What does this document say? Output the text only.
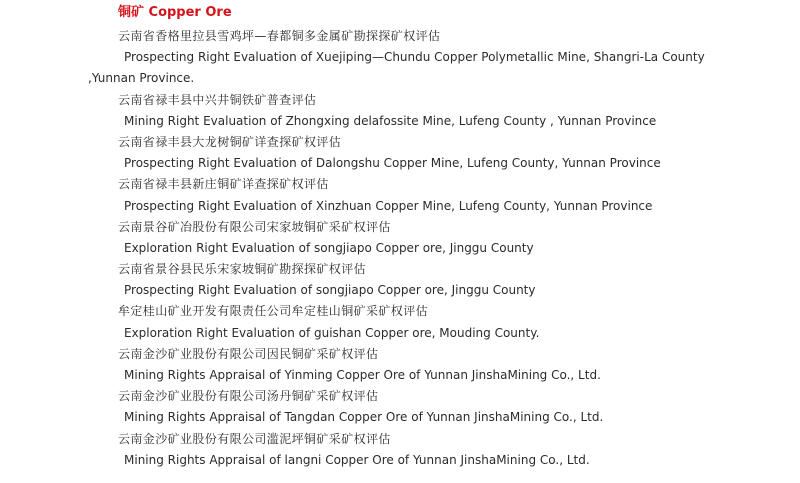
铜矿 Copper Ore
云南省香格里拉县雪鸡坪—春都铜多金属矿勘探探矿权评估
Prospecting Right Evaluation of Xuejiping—Chundu Copper Polymetallic Mine, Shangri-La County
,Yunnan Province.
云南省禄丰县中兴井铜铁矿普查评估
Mining Right Evaluation of Zhongxing delafossite Mine, Lufeng County , Yunnan Province
云南省禄丰县大龙树铜矿详查探矿权评估
Prospecting Right Evaluation of Dalongshu Copper Mine, Lufeng County, Yunnan Province
云南省禄丰县新庄铜矿详查探矿权评估
Prospecting Right Evaluation of Xinzhuan Copper Mine, Lufeng County, Yunnan Province
云南景谷矿冶股份有限公司宋家坡铜矿采矿权评估
Exploration Right Evaluation of songjiapo Copper ore, Jinggu County
云南省景谷县民乐宋家坡铜矿勘探探矿权评估
Prospecting Right Evaluation of songjiapo Copper ore, Jinggu County
牟定桂山矿业开发有限责任公司牟定桂山铜矿采矿权评估
Exploration Right Evaluation of guishan Copper ore, Mouding County.
云南金沙矿业股份有限公司因民铜矿采矿权评估
Mining Rights Appraisal of Yinming Copper Ore of Yunnan JinshaMining Co., Ltd.
云南金沙矿业股份有限公司汤丹铜矿采矿权评估
Mining Rights Appraisal of Tangdan Copper Ore of Yunnan JinshaMining Co., Ltd.
云南金沙矿业股份有限公司滥泥坪铜矿采矿权评估
Mining Rights Appraisal of langni Copper Ore of Yunnan JinshaMining Co., Ltd.
